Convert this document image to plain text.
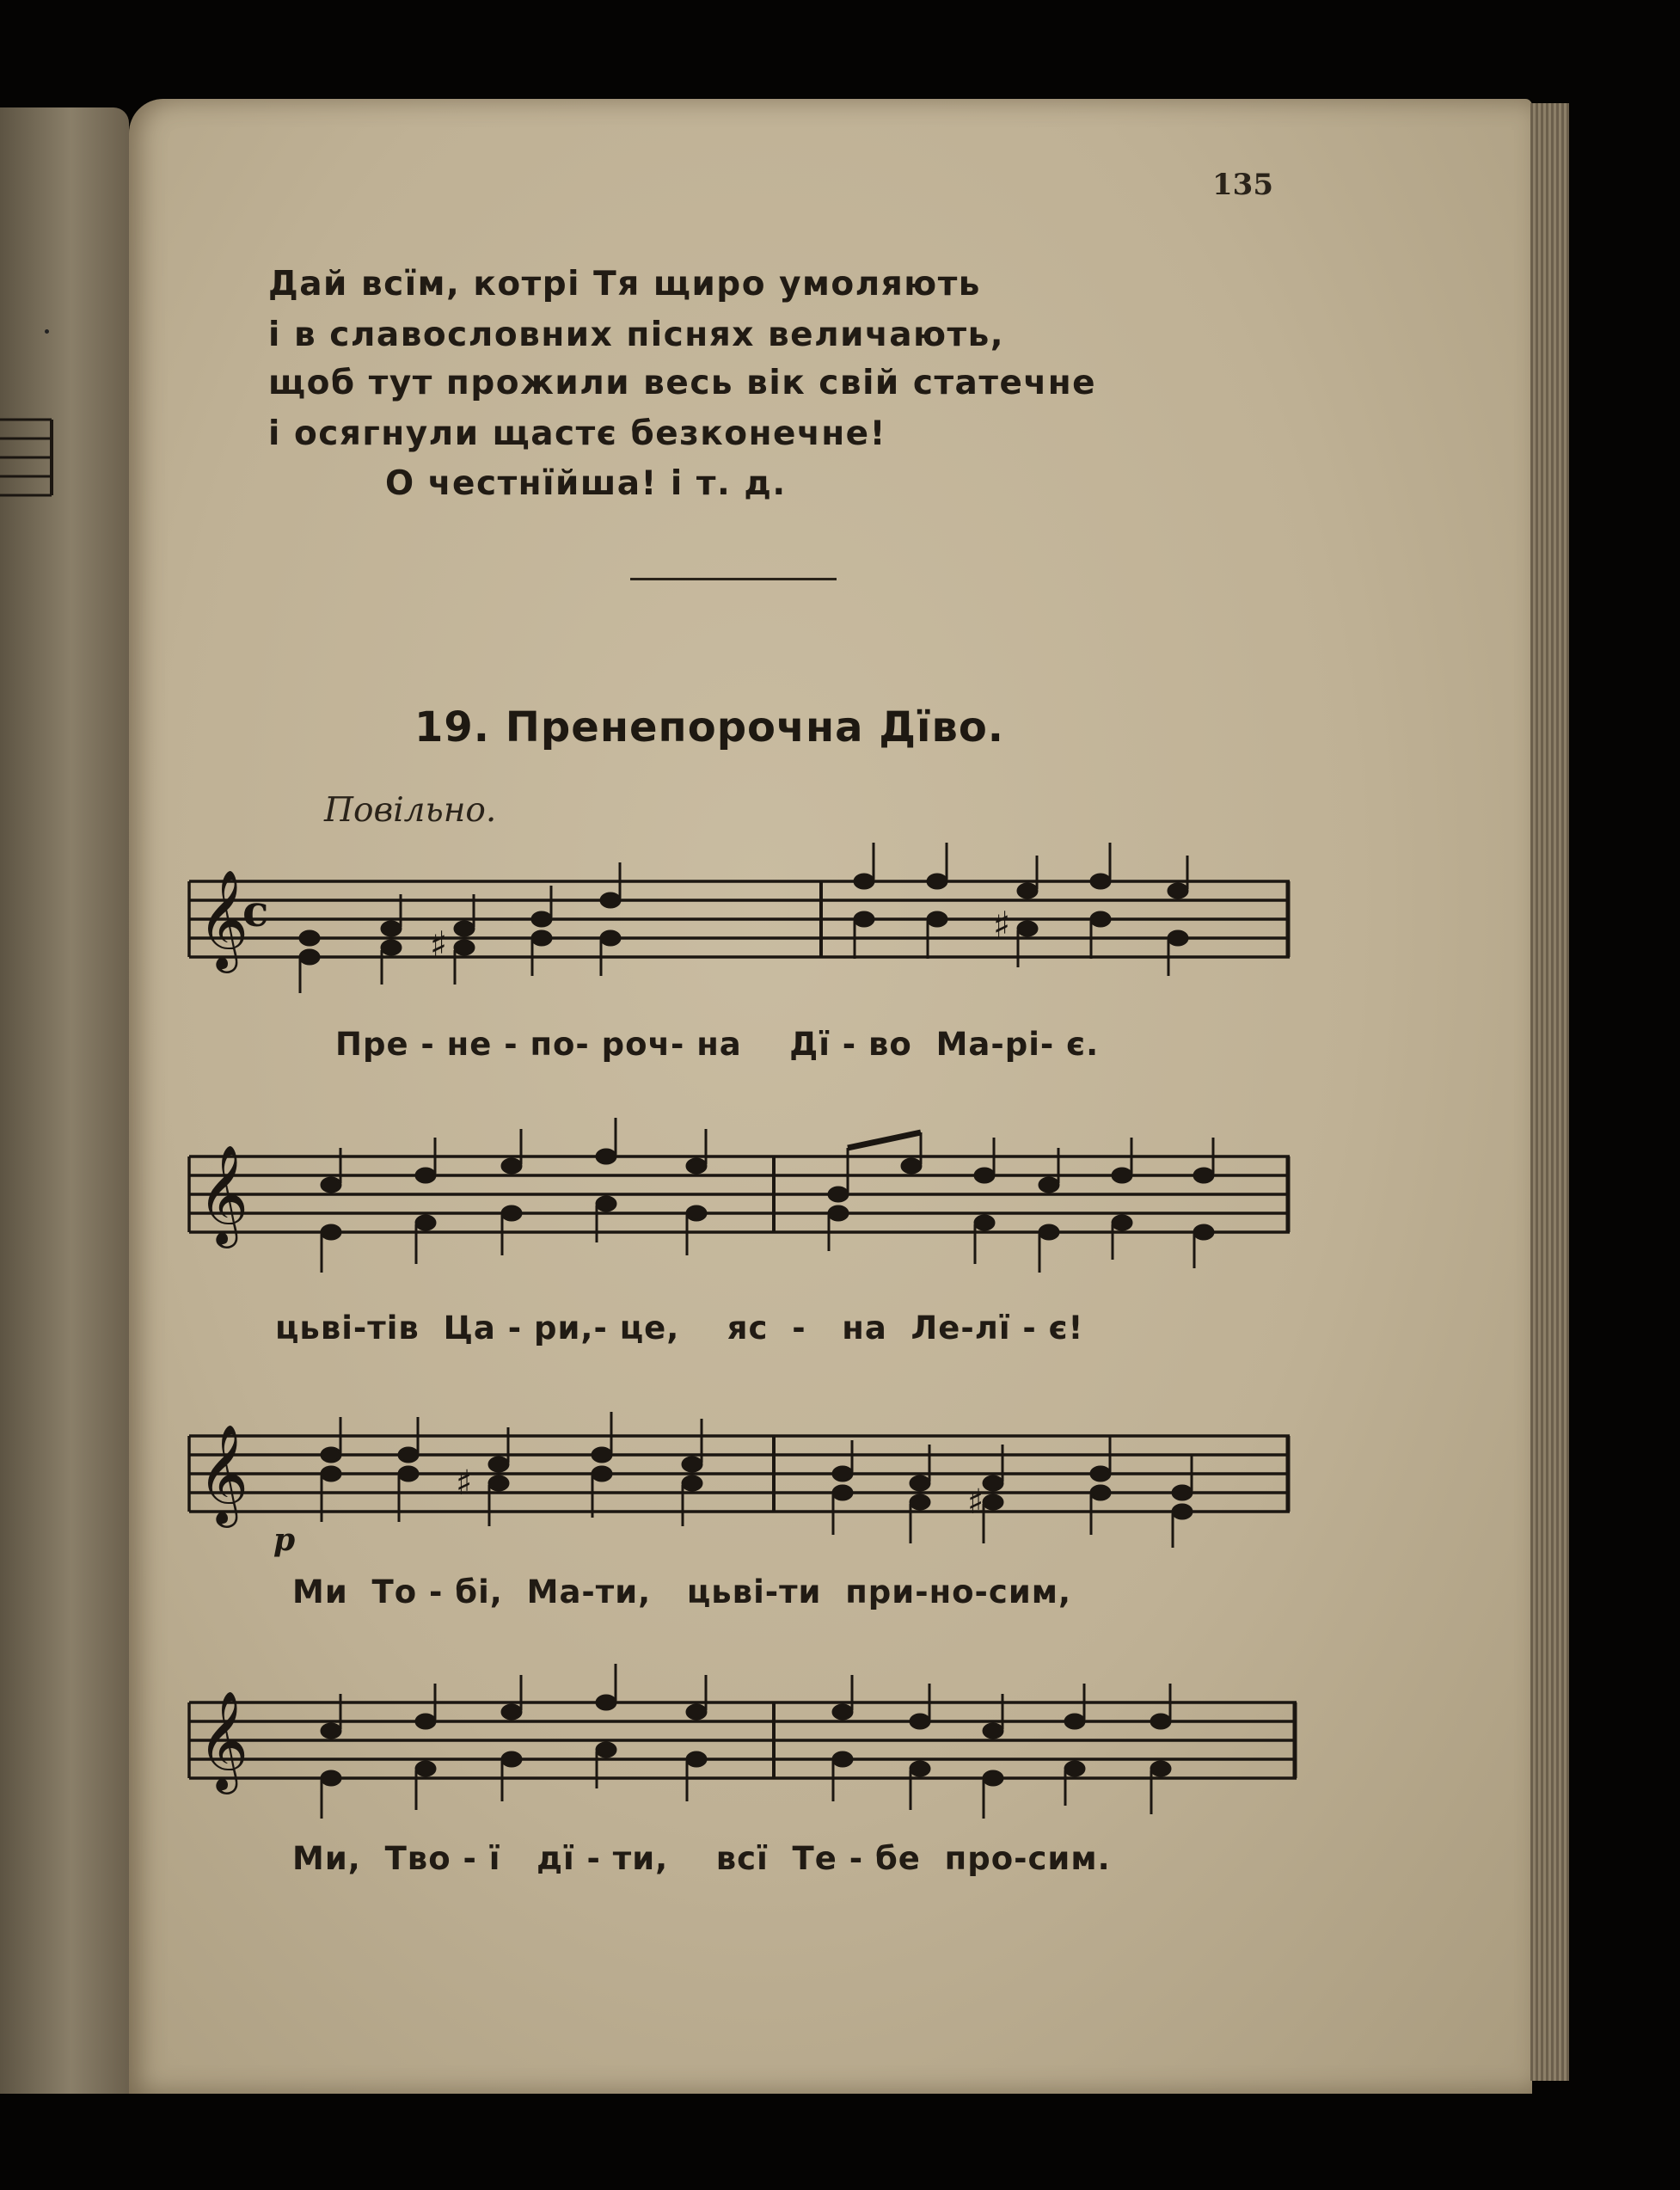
135
Дай всїм, котрі Тя щиро умоляють
і в славословних піснях величають,
щоб тут прожили весь вік свій статечне
і осягнули щастє безконечне!
О честнїйша! і т. д.
19. Пренепорочна Дїво.
Повільно.
𝄞
c
♯	♯
Пре - не - по- роч- на    Дї - во  Ма-рі- є.
𝄞
цьві-тів  Ца - ри,- це,    яс  -   на  Ле-лї - є!
𝄞	♯	♯
p
Ми  То - бі,  Ма-ти,   цьві-ти  при-но-сим,
𝄞
Ми,  Тво - ї   дї - ти,    всї  Те - бе  про-сим.
